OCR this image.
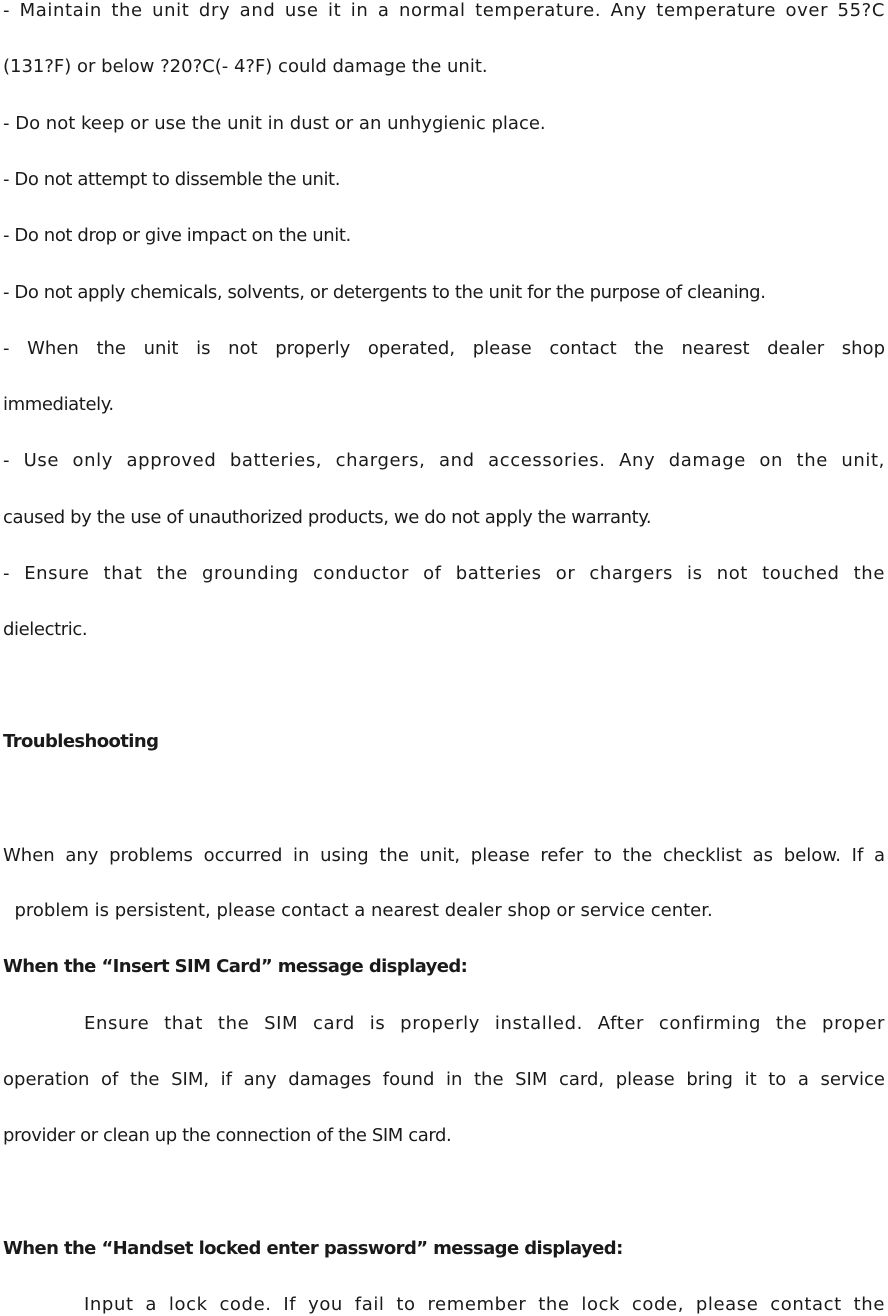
- Maintain the unit dry and use it in a normal temperature. Any temperature over 55?C
(131?F) or below ?20?C(- 4?F) could damage the unit.
- Do not keep or use the unit in dust or an unhygienic place.
- Do not attempt to dissemble the unit.
- Do not drop or give impact on the unit.
- Do not apply chemicals, solvents, or detergents to the unit for the purpose of cleaning.
- When the unit is not properly operated, please contact the nearest dealer shop
immediately.
- Use only approved batteries, chargers, and accessories. Any damage on the unit,
caused by the use of unauthorized products, we do not apply the warranty.
- Ensure that the grounding conductor of batteries or chargers is not touched the
dielectric.
Troubleshooting
When any problems occurred in using the unit, please refer to the checklist as below. If a
problem is persistent, please contact a nearest dealer shop or service center.
When the “Insert SIM Card” message displayed:
Ensure that the SIM card is properly installed. After confirming the proper
operation of the SIM, if any damages found in the SIM card, please bring it to a service
provider or clean up the connection of the SIM card.
When the “Handset locked enter password” message displayed:
Input a lock code. If you fail to remember the lock code, please contact the
